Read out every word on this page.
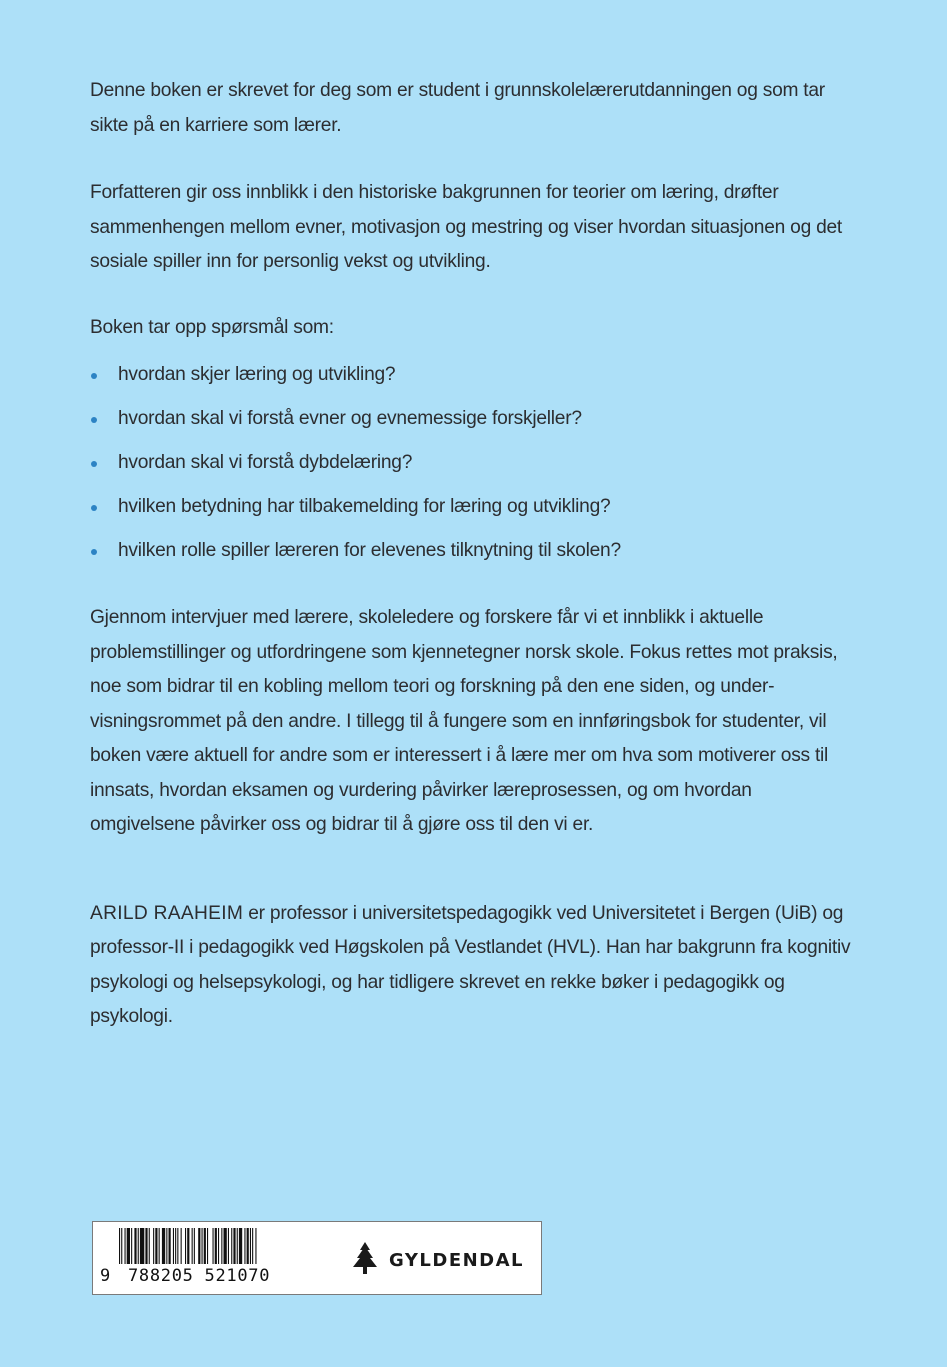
Denne boken er skrevet for deg som er student i grunnskolelærerutdanningen og som tar sikte på en karriere som lærer.

Forfatteren gir oss innblikk i den historiske bakgrunnen for teorier om læring, drøfter sammenhengen mellom evner, motivasjon og mestring og viser hvordan situasjonen og det sosiale spiller inn for personlig vekst og utvikling.

Boken tar opp spørsmål som:

hvordan skjer læring og utvikling?
hvordan skal vi forstå evner og evnemessige forskjeller?
hvordan skal vi forstå dybdelæring?
hvilken betydning har tilbakemelding for læring og utvikling?
hvilken rolle spiller læreren for elevenes tilknytning til skolen?

Gjennom intervjuer med lærere, skoleledere og forskere får vi et innblikk i aktuelle problemstillinger og utfordringene som kjennetegner norsk skole. Fokus rettes mot praksis, noe som bidrar til en kobling mellom teori og forskning på den ene siden, og undervisningsrommet på den andre. I tillegg til å fungere som en innføringsbok for studenter, vil boken være aktuell for andre som er interessert i å lære mer om hva som motiverer oss til innsats, hvordan eksamen og vurdering påvirker læreprosessen, og om hvordan omgivelsene påvirker oss og bidrar til å gjøre oss til den vi er.

ARILD RAAHEIM er professor i universitetspedagogikk ved Universitetet i Bergen (UiB) og professor-II i pedagogikk ved Høgskolen på Vestlandet (HVL). Han har bakgrunn fra kognitiv psykologi og helsepsykologi, og har tidligere skrevet en rekke bøker i pedagogikk og psykologi.

9 788205 521070
GYLDENDAL
